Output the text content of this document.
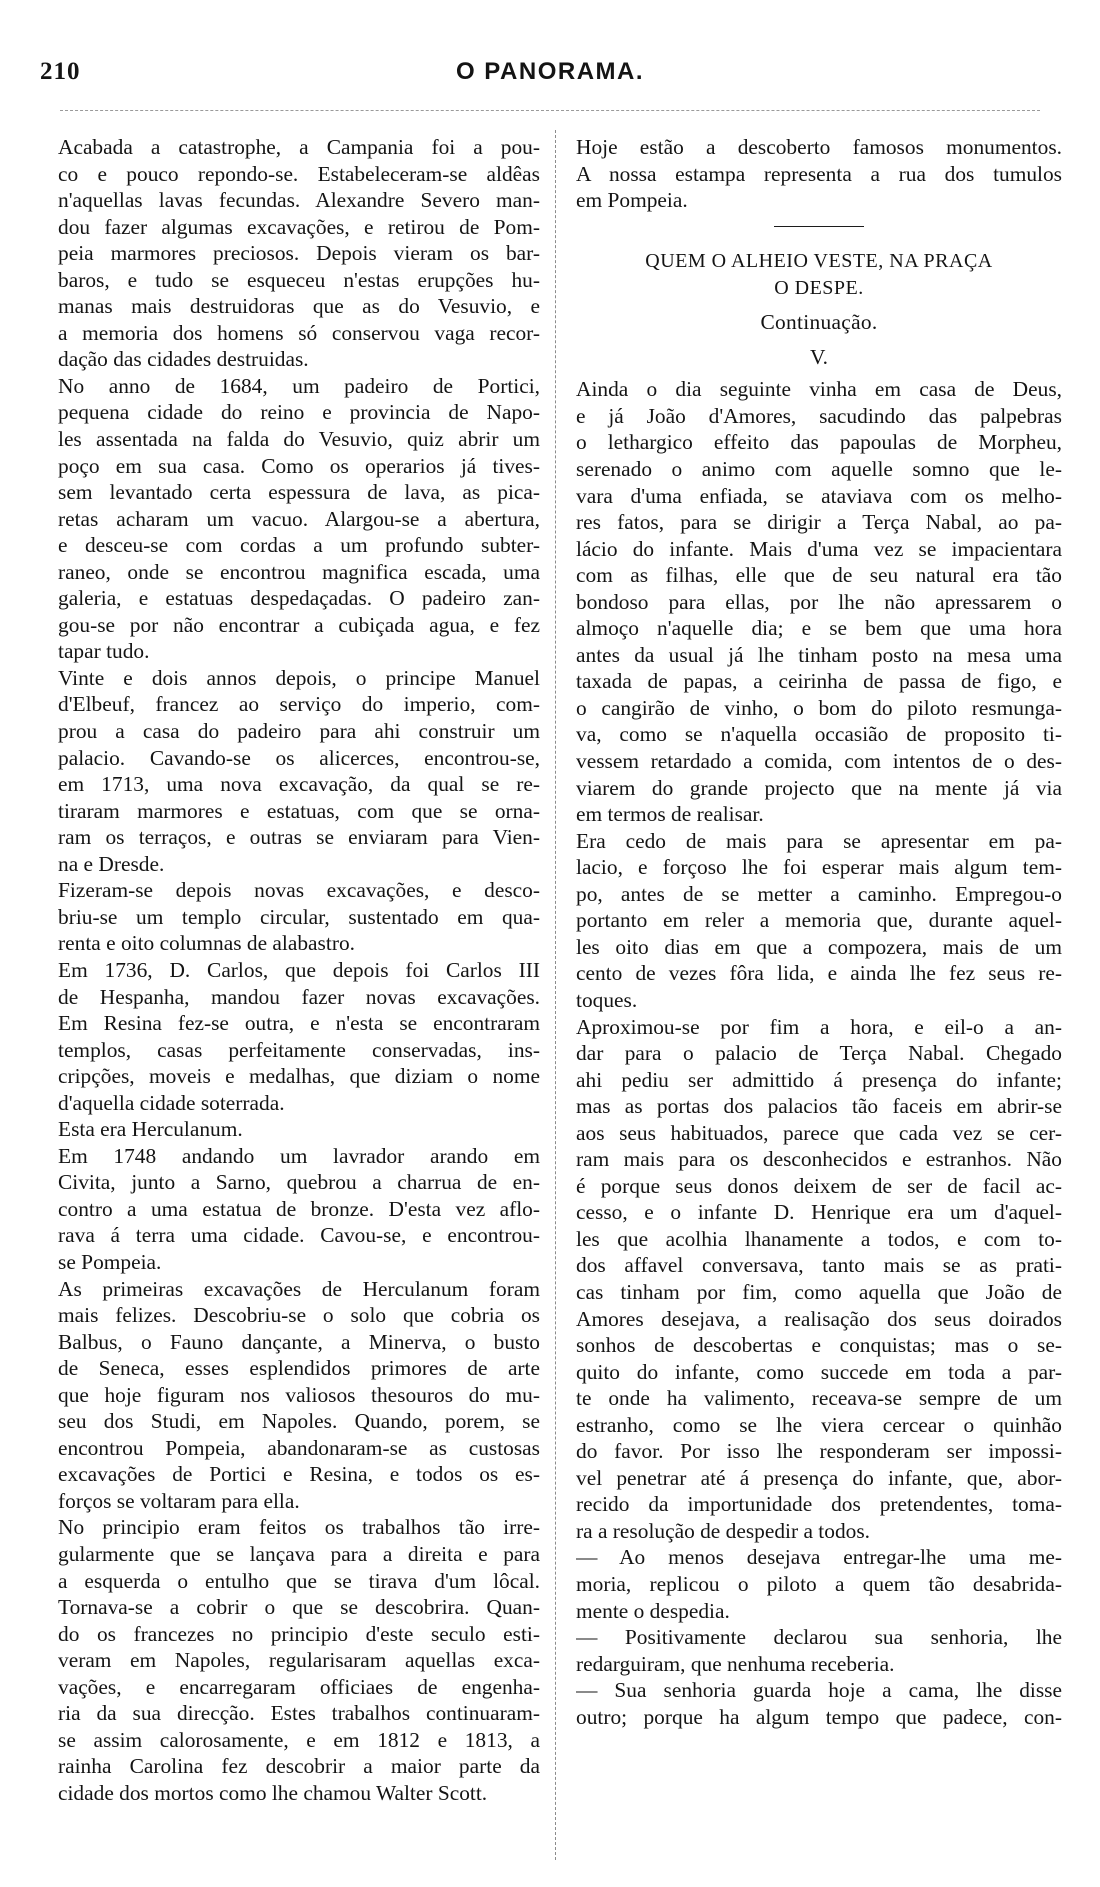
210	O PANORAMA.
Acabada a catastrophe, a Campania foi a pou-
co e pouco repondo-se. Estabeleceram-se aldêas
n'aquellas lavas fecundas. Alexandre Severo man-
dou fazer algumas excavações, e retirou de Pom-
peia marmores preciosos. Depois vieram os bar-
baros, e tudo se esqueceu n'estas erupções hu-
manas mais destruidoras que as do Vesuvio, e
a memoria dos homens só conservou vaga recor-
dação das cidades destruidas.
No anno de 1684, um padeiro de Portici,
pequena cidade do reino e provincia de Napo-
les assentada na falda do Vesuvio, quiz abrir um
poço em sua casa. Como os operarios já tives-
sem levantado certa espessura de lava, as pica-
retas acharam um vacuo. Alargou-se a abertura,
e desceu-se com cordas a um profundo subter-
raneo, onde se encontrou magnifica escada, uma
galeria, e estatuas despedaçadas. O padeiro zan-
gou-se por não encontrar a cubiçada agua, e fez
tapar tudo.
Vinte e dois annos depois, o principe Manuel
d'Elbeuf, francez ao serviço do imperio, com-
prou a casa do padeiro para ahi construir um
palacio. Cavando-se os alicerces, encontrou-se,
em 1713, uma nova excavação, da qual se re-
tiraram marmores e estatuas, com que se orna-
ram os terraços, e outras se enviaram para Vien-
na e Dresde.
Fizeram-se depois novas excavações, e desco-
briu-se um templo circular, sustentado em qua-
renta e oito columnas de alabastro.
Em 1736, D. Carlos, que depois foi Carlos III
de Hespanha, mandou fazer novas excavações.
Em Resina fez-se outra, e n'esta se encontraram
templos, casas perfeitamente conservadas, ins-
cripções, moveis e medalhas, que diziam o nome
d'aquella cidade soterrada.
Esta era Herculanum.
Em 1748 andando um lavrador arando em
Civita, junto a Sarno, quebrou a charrua de en-
contro a uma estatua de bronze. D'esta vez aflo-
rava á terra uma cidade. Cavou-se, e encontrou-
se Pompeia.
As primeiras excavações de Herculanum foram
mais felizes. Descobriu-se o solo que cobria os
Balbus, o Fauno dançante, a Minerva, o busto
de Seneca, esses esplendidos primores de arte
que hoje figuram nos valiosos thesouros do mu-
seu dos Studi, em Napoles. Quando, porem, se
encontrou Pompeia, abandonaram-se as custosas
excavações de Portici e Resina, e todos os es-
forços se voltaram para ella.
No principio eram feitos os trabalhos tão irre-
gularmente que se lançava para a direita e para
a esquerda o entulho que se tirava d'um lôcal.
Tornava-se a cobrir o que se descobrira. Quan-
do os francezes no principio d'este seculo esti-
veram em Napoles, regularisaram aquellas exca-
vações, e encarregaram officiaes de engenha-
ria da sua direcção. Estes trabalhos continuaram-
se assim calorosamente, e em 1812 e 1813, a
rainha Carolina fez descobrir a maior parte da
cidade dos mortos como lhe chamou Walter Scott.
Hoje estão a descoberto famosos monumentos.
A nossa estampa representa a rua dos tumulos
em Pompeia.
QUEM O ALHEIO VESTE, NA PRAÇA
O DESPE.
Continuação.
V.
Ainda o dia seguinte vinha em casa de Deus,
e já João d'Amores, sacudindo das palpebras
o lethargico effeito das papoulas de Morpheu,
serenado o animo com aquelle somno que le-
vara d'uma enfiada, se ataviava com os melho-
res fatos, para se dirigir a Terça Nabal, ao pa-
lácio do infante. Mais d'uma vez se impacientara
com as filhas, elle que de seu natural era tão
bondoso para ellas, por lhe não apressarem o
almoço n'aquelle dia; e se bem que uma hora
antes da usual já lhe tinham posto na mesa uma
taxada de papas, a ceirinha de passa de figo, e
o cangirão de vinho, o bom do piloto resmunga-
va, como se n'aquella occasião de proposito ti-
vessem retardado a comida, com intentos de o des-
viarem do grande projecto que na mente já via
em termos de realisar.
Era cedo de mais para se apresentar em pa-
lacio, e forçoso lhe foi esperar mais algum tem-
po, antes de se metter a caminho. Empregou-o
portanto em reler a memoria que, durante aquel-
les oito dias em que a compozera, mais de um
cento de vezes fôra lida, e ainda lhe fez seus re-
toques.
Aproximou-se por fim a hora, e eil-o a an-
dar para o palacio de Terça Nabal. Chegado
ahi pediu ser admittido á presença do infante;
mas as portas dos palacios tão faceis em abrir-se
aos seus habituados, parece que cada vez se cer-
ram mais para os desconhecidos e estranhos. Não
é porque seus donos deixem de ser de facil ac-
cesso, e o infante D. Henrique era um d'aquel-
les que acolhia lhanamente a todos, e com to-
dos affavel conversava, tanto mais se as prati-
cas tinham por fim, como aquella que João de
Amores desejava, a realisação dos seus doirados
sonhos de descobertas e conquistas; mas o se-
quito do infante, como succede em toda a par-
te onde ha valimento, receava-se sempre de um
estranho, como se lhe viera cercear o quinhão
do favor. Por isso lhe responderam ser impossi-
vel penetrar até á presença do infante, que, abor-
recido da importunidade dos pretendentes, toma-
ra a resolução de despedir a todos.
— Ao menos desejava entregar-lhe uma me-
moria, replicou o piloto a quem tão desabrida-
mente o despedia.
— Positivamente declarou sua senhoria, lhe
redarguiram, que nenhuma receberia.
— Sua senhoria guarda hoje a cama, lhe disse
outro; porque ha algum tempo que padece, con-
